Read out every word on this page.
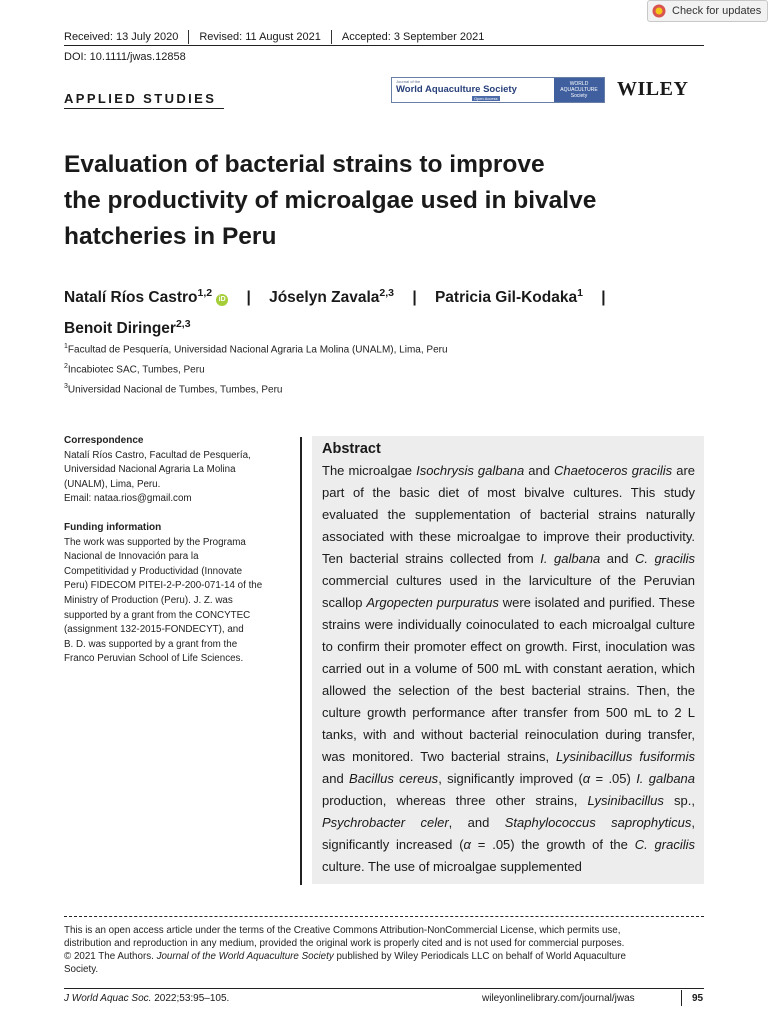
Check for updates
Received: 13 July 2020 Revised: 11 August 2021 Accepted: 3 September 2021
DOI: 10.1111/jwas.12858
APPLIED STUDIES
Journal of the
World Aquaculture Society
Open Access
WORLD AQUACULTURE Society	WILEY
Evaluation of bacterial strains to improve
the productivity of microalgae used in bivalve
hatcheries in Peru
Natalí Ríos Castro$^{1,2}$iD | Jóselyn Zavala$^{2,3}$ | Patricia Gil-Kodaka$^1$ |
Benoit Diringer$^{2,3}$
$^1$Facultad de Pesquería, Universidad Nacional Agraria La Molina (UNALM), Lima, Peru
$^2$Incabiotec SAC, Tumbes, Peru
$^3$Universidad Nacional de Tumbes, Tumbes, Peru

Correspondence

Natalí Ríos Castro, Facultad de Pesquería,

Universidad Nacional Agraria La Molina

(UNALM), Lima, Peru.

Email: nataa.rios@gmail.com

Funding information

The work was supported by the Programa

Nacional de Innovación para la

Competitividad y Productividad (Innovate

Peru) FIDECOM PITEI-2-P-200-071-14 of the

Ministry of Production (Peru). J. Z. was

supported by a grant from the CONCYTEC

(assignment 132-2015-FONDECYT), and

B. D. was supported by a grant from the

Franco Peruvian School of Life Sciences.

Abstract
The microalgae Isochrysis galbana and Chaetoceros gracilis are part of the basic diet of most bivalve cultures. This study evaluated the supplementation of bacterial strains naturally associated with these microalgae to improve their productivity. Ten bacterial strains collected from I. galbana and C. gracilis commercial cultures used in the larviculture of the Peruvian scallop Argopecten purpuratus were isolated and purified. These strains were individually coinoculated to each microalgal culture to confirm their promoter effect on growth. First, inoculation was carried out in a volume of 500 mL with constant aeration, which allowed the selection of the best bacterial strains. Then, the culture growth performance after transfer from 500 mL to 2 L tanks, with and without bacterial reinoculation during transfer, was monitored. Two bacterial strains, Lysinibacillus fusiformis and Bacillus cereus, significantly improved (α = .05) I. galbana production, whereas three other strains, Lysinibacillus sp., Psychrobacter celer, and Staphylococcus saprophyticus, significantly increased (α = .05) the growth of the C. gracilis culture. The use of microalgae supplemented

This is an open access article under the terms of the Creative Commons Attribution-NonCommercial License, which permits use,

distribution and reproduction in any medium, provided the original work is properly cited and is not used for commercial purposes.

© 2021 The Authors. Journal of the World Aquaculture Society published by Wiley Periodicals LLC on behalf of World Aquaculture

Society.

J World Aquac Soc. 2022;53:95–105.	wileyonlinelibrary.com/journal/jwas	95
